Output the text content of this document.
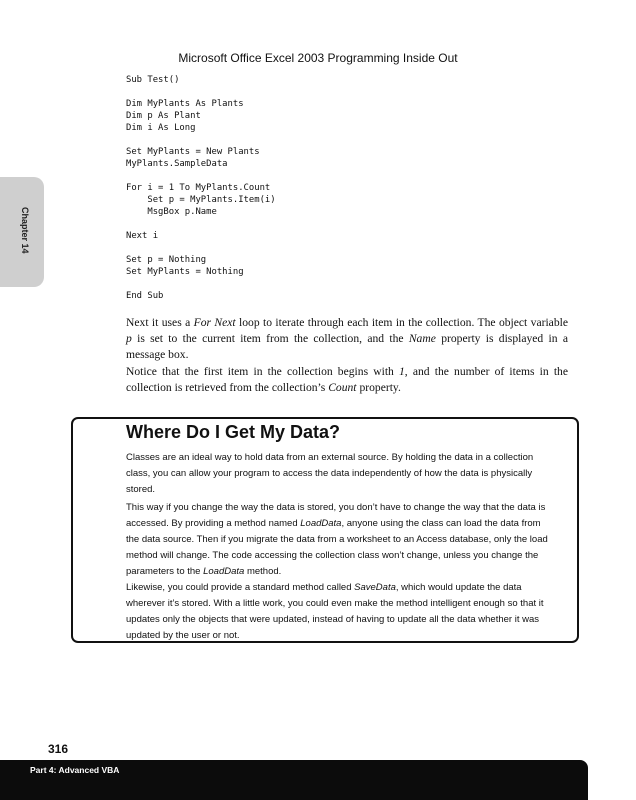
Microsoft Office Excel 2003 Programming Inside Out
Chapter 14
Sub Test()
Dim MyPlants As Plants
Dim p As Plant
Dim i As Long
Set MyPlants = New Plants
MyPlants.SampleData
For i = 1 To MyPlants.Count
Set p = MyPlants.Item(i)
MsgBox p.Name
Next i
Set p = Nothing
Set MyPlants = Nothing
End Sub

Next it uses a For Next loop to iterate through each item in the collection. The object variable p is set to the current item from the collection, and the Name property is displayed in a message box.

Notice that the first item in the collection begins with 1, and the number of items in the collection is retrieved from the collection’s Count property.

Where Do I Get My Data?

Classes are an ideal way to hold data from an external source. By holding the data in a collection class, you can allow your program to access the data independently of how the data is physically stored.

This way if you change the way the data is stored, you don’t have to change the way that the data is accessed. By providing a method named LoadData, anyone using the class can load the data from the data source. Then if you migrate the data from a worksheet to an Access database, only the load method will change. The code accessing the collection class won’t change, unless you change the parameters to the LoadData method.

Likewise, you could provide a standard method called SaveData, which would update the data wherever it’s stored. With a little work, you could even make the method intelligent enough so that it updates only the objects that were updated, instead of having to update all the data whether it was updated by the user or not.

316
Part 4: Advanced VBA
